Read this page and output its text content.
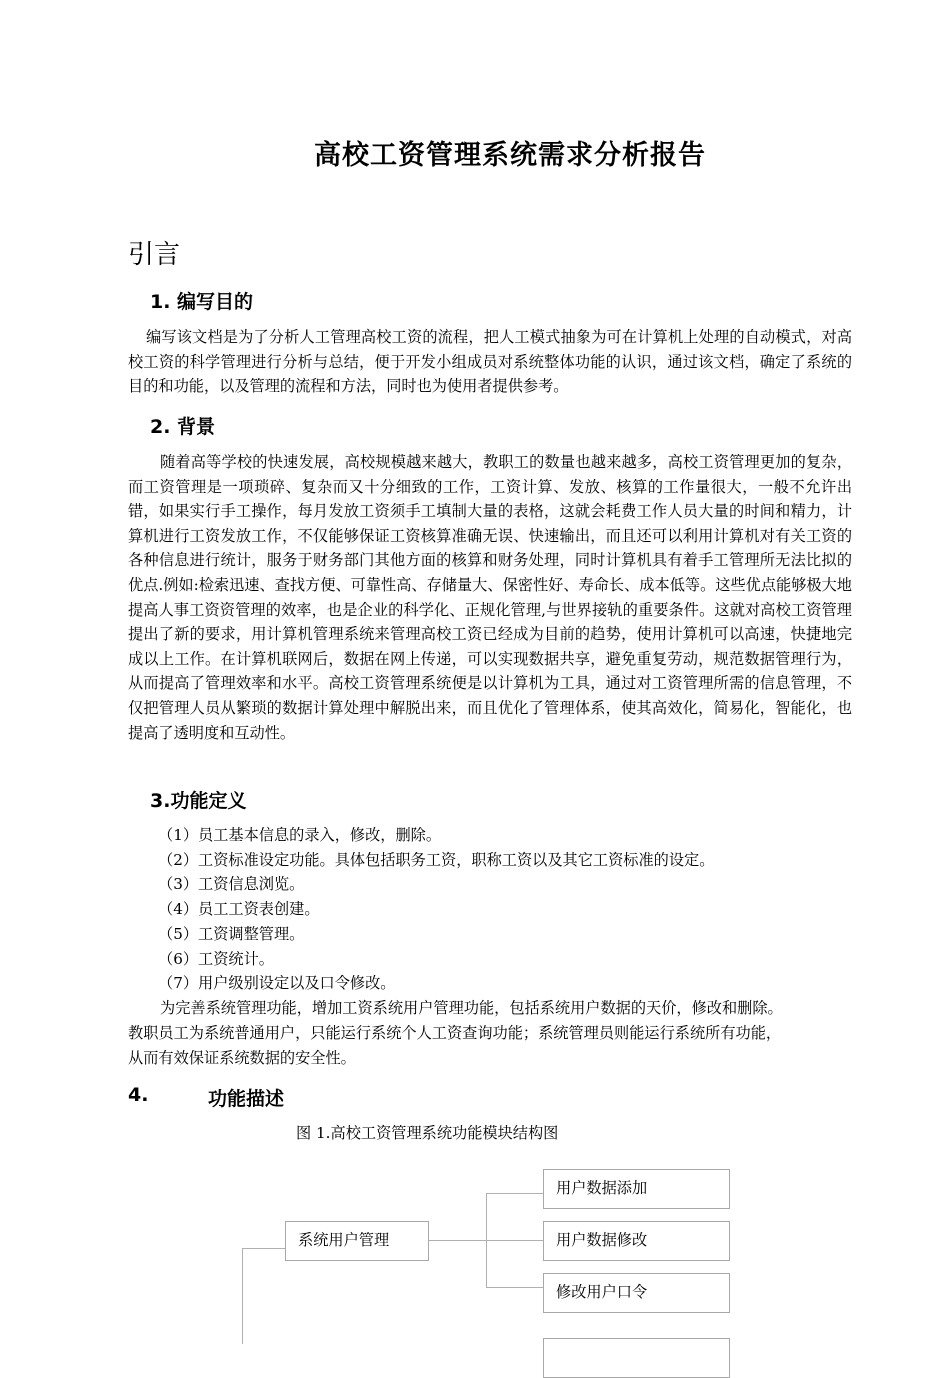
高校工资管理系统需求分析报告
引言
1. 编写目的
编写该文档是为了分析人工管理高校工资的流程，把人工模式抽象为可在计算机上处理的自动模式，对高校工资的科学管理进行分析与总结，便于开发小组成员对系统整体功能的认识，通过该文档，确定了系统的目的和功能，以及管理的流程和方法，同时也为使用者提供参考。
2. 背景
随着高等学校的快速发展，高校规模越来越大，教职工的数量也越来越多，高校工资管理更加的复杂，而工资管理是一项琐碎、复杂而又十分细致的工作，工资计算、发放、核算的工作量很大，一般不允许出错，如果实行手工操作，每月发放工资须手工填制大量的表格，这就会耗费工作人员大量的时间和精力，计算机进行工资发放工作，不仅能够保证工资核算准确无误、快速输出，而且还可以利用计算机对有关工资的各种信息进行统计，服务于财务部门其他方面的核算和财务处理，同时计算机具有着手工管理所无法比拟的优点.例如:检索迅速、查找方便、可靠性高、存储量大、保密性好、寿命长、成本低等。这些优点能够极大地提高人事工资资管理的效率，也是企业的科学化、正规化管理,与世界接轨的重要条件。这就对高校工资管理提出了新的要求，用计算机管理系统来管理高校工资已经成为目前的趋势，使用计算机可以高速，快捷地完成以上工作。在计算机联网后，数据在网上传递，可以实现数据共享，避免重复劳动，规范数据管理行为，从而提高了管理效率和水平。高校工资管理系统便是以计算机为工具，通过对工资管理所需的信息管理，不仅把管理人员从繁琐的数据计算处理中解脱出来，而且优化了管理体系，使其高效化，简易化，智能化，也提高了透明度和互动性。
3.功能定义
（1）员工基本信息的录入，修改，删除。
（2）工资标准设定功能。具体包括职务工资，职称工资以及其它工资标准的设定。
（3）工资信息浏览。
（4）员工工资表创建。
（5）工资调整管理。
（6）工资统计。
（7）用户级别设定以及口令修改。
为完善系统管理功能，增加工资系统用户管理功能，包括系统用户数据的天价，修改和删除。
教职员工为系统普通用户，只能运行系统个人工资查询功能；系统管理员则能运行系统所有功能，
从而有效保证系统数据的安全性。
4.	功能描述
图 1.高校工资管理系统功能模块结构图
系统用户管理
用户数据添加
用户数据修改
修改用户口令
